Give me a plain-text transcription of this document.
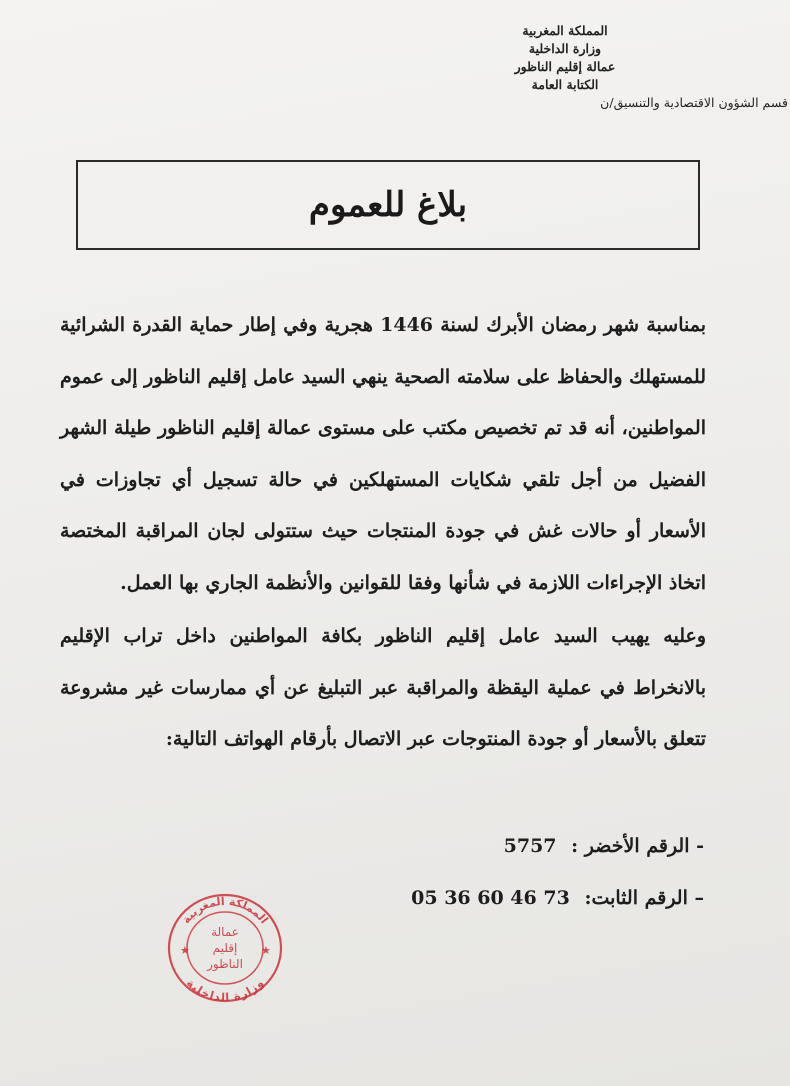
المملكة المغربية
وزارة الداخلية
عمالة إقليم الناظور
الكتابة العامة
قسم الشؤون الاقتصادية والتنسيق/ن
بلاغ للعموم

بمناسبة شهر رمضان الأبرك لسنة 1446 هجرية وفي إطار حماية القدرة الشرائية للمستهلك والحفاظ على سلامته الصحية ينهي السيد عامل إقليم الناظور إلى عموم المواطنين، أنه قد تم تخصيص مكتب على مستوى عمالة إقليم الناظور طيلة الشهر الفضيل من أجل تلقي شكايات المستهلكين في حالة تسجيل أي تجاوزات في الأسعار أو حالات غش في جودة المنتجات حيث ستتولى لجان المراقبة المختصة اتخاذ الإجراءات اللازمة في شأنها وفقا للقوانين والأنظمة الجاري بها العمل.

وعليه يهيب السيد عامل إقليم الناظور بكافة المواطنين داخل تراب الإقليم بالانخراط في عملية اليقظة والمراقبة عبر التبليغ عن أي ممارسات غير مشروعة تتعلق بالأسعار أو جودة المنتوجات عبر الاتصال بأرقام الهواتف التالية:

- الرقم الأخضر : 5757
– الرقم الثابت: 05 36 60 46 73
★	★
المملكة المغربية
وزارة الداخلية
عمالة
إقليم
الناظور
